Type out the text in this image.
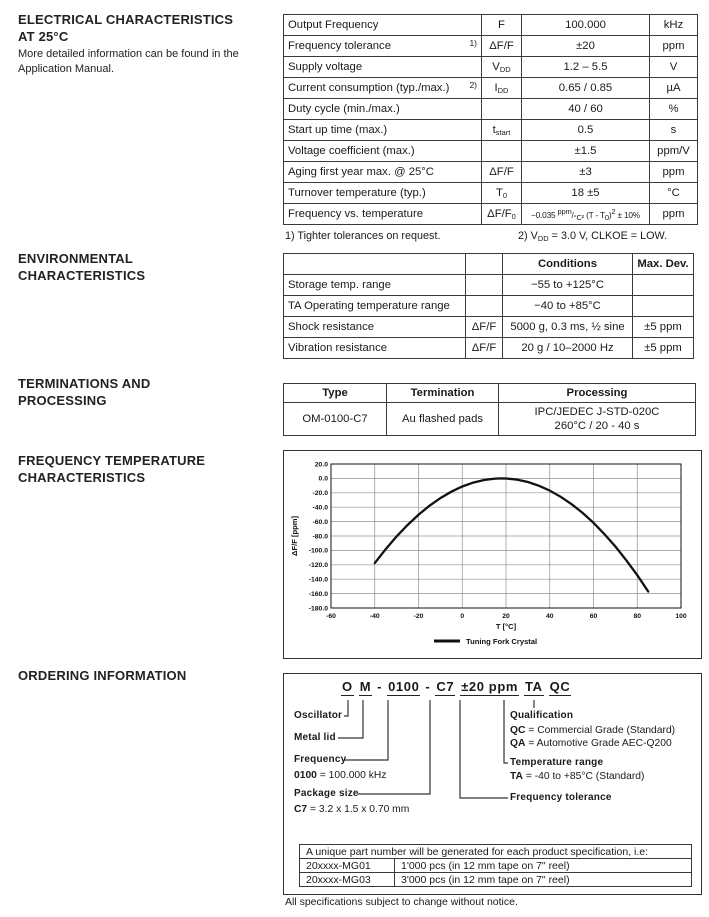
ELECTRICAL CHARACTERISTICS AT 25°C
More detailed information can be found in the Application Manual.
ENVIRONMENTAL CHARACTERISTICS
TERMINATIONS AND PROCESSING
FREQUENCY TEMPERATURE CHARACTERISTICS
ORDERING INFORMATION
Output Frequency	F	100.000	kHz
Frequency tolerance 1)	ΔF/F	±20	ppm
Supply voltage	$V_{DD}$	1.2 – 5.5	V
Current consumption (typ./max.) 2)	$I_{DD}$	0.65 / 0.85	µA
Duty cycle (min./max.)		40 / 60	%
Start up time (max.)	$t_{start}$	0.5	s
Voltage coefficient (max.)		±1.5	ppm/V
Aging first year max. @ 25°C	ΔF/F	±3	ppm
Turnover temperature (typ.)	$T_0$	18 ±5	°C
Frequency vs. temperature	$\Delta F/F_0$	−0.035 $^{ppm}/_{^\circ C^2}$ $(T - T_0)^2 \pm 10\%$	ppm
1) Tighter tolerances on request.	2) $V_{DD} = 3.0$ V, CLKOE = LOW.
		Conditions	Max. Dev.
Storage temp. range		−55 to +125°C	
TA Operating temperature range		−40 to +85°C	
Shock resistance	ΔF/F	5000 g, 0.3 ms, ½ sine	±5 ppm
Vibration resistance	ΔF/F	20 g / 10–2000 Hz	±5 ppm
Type	Termination	Processing
OM-0100-C7	Au flashed pads	IPC/JEDEC J-STD-020C
260°C / 20 - 40 s
-60	-40	-20	0	20	40	60	80	100
20.0
0.0
-20.0
-40.0
-60.0
-80.0
-100.0
-120.0
-140.0
-160.0
-180.0
T [°C]
ΔF/F [ppm]
Tuning Fork Crystal
O M - 0100 - C7 ±20 ppm TA QC
Oscillator
Metal lid
Frequency
0100 = 100.000 kHz
Package size
C7 = 3.2 x 1.5 x 0.70 mm
Qualification
QC = Commercial Grade (Standard)
QA = Automotive Grade AEC-Q200
Temperature range
TA = -40 to +85°C (Standard)
Frequency tolerance
A unique part number will be generated for each product specification, i.e:	
20xxxx-MG01	1'000 pcs (in 12 mm tape on 7" reel)
20xxxx-MG03	3'000 pcs (in 12 mm tape on 7" reel)
All specifications subject to change without notice.
